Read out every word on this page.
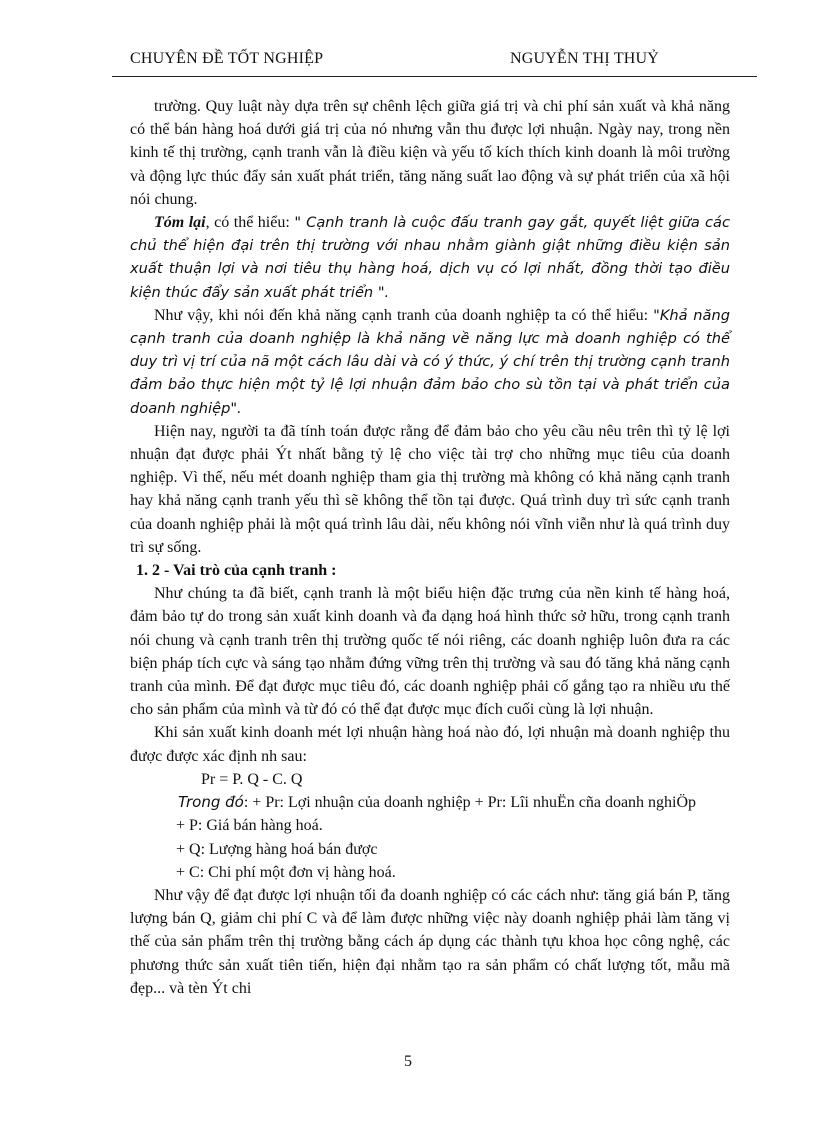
CHUYÊN ĐỀ TỐT NGHIỆP	NGUYỄN THỊ THUỶ

trường. Quy luật này dựa trên sự chênh lệch giữa giá trị và chi phí sản xuất và khả năng có thể bán hàng hoá dưới giá trị của nó nhưng vẫn thu được lợi nhuận. Ngày nay, trong nền kinh tế thị trường, cạnh tranh vẫn là điều kiện và yếu tố kích thích kinh doanh là môi trường và động lực thúc đẩy sản xuất phát triển, tăng năng suất lao động và sự phát triển của xã hội nói chung.

Tóm lại, có thể hiểu: " Cạnh tranh là cuộc đấu tranh gay gắt, quyết liệt giữa các chủ thể hiện đại trên thị trường với nhau nhằm giành giật những điều kiện sản xuất thuận lợi và nơi tiêu thụ hàng hoá, dịch vụ có lợi nhất, đồng thời tạo điều kiện thúc đẩy sản xuất phát triển ".

Như vậy, khi nói đến khả năng cạnh tranh của doanh nghiệp ta có thể hiểu: "Khả năng cạnh tranh của doanh nghiệp là khả năng về năng lực mà doanh nghiệp có thể duy trì vị trí của nã một cách lâu dài và có ý thức, ý chí trên thị trường cạnh tranh đảm bảo thực hiện một tỷ lệ lợi nhuận đảm bảo cho sù tồn tại và phát triển của doanh nghiệp".

Hiện nay, người ta đã tính toán được rằng để đảm bảo cho yêu cầu nêu trên thì tỷ lệ lợi nhuận đạt được phải Ýt nhất bằng tỷ lệ cho việc tài trợ cho những mục tiêu của doanh nghiệp. Vì thế, nếu mét doanh nghiệp tham gia thị trường mà không có khả năng cạnh tranh hay khả năng cạnh tranh yếu thì sẽ không thể tồn tại được. Quá trình duy trì sức cạnh tranh của doanh nghiệp phải là một quá trình lâu dài, nếu không nói vĩnh viễn như là quá trình duy trì sự sống.

1. 2 - Vai trò của cạnh tranh :

Như chúng ta đã biết, cạnh tranh là một biểu hiện đặc trưng của nền kinh tế hàng hoá, đảm bảo tự do trong sản xuất kinh doanh và đa dạng hoá hình thức sở hữu, trong cạnh tranh nói chung và cạnh tranh trên thị trường quốc tế nói riêng, các doanh nghiệp luôn đưa ra các biện pháp tích cực và sáng tạo nhằm đứng vững trên thị trường và sau đó tăng khả năng cạnh tranh của mình. Để đạt được mục tiêu đó, các doanh nghiệp phải cố gắng tạo ra nhiều ưu thế cho sản phẩm của mình và từ đó có thể đạt được mục đích cuối cùng là lợi nhuận.

Khi sản xuất kinh doanh mét lợi nhuận hàng hoá nào đó, lợi nhuận mà doanh nghiệp thu được được xác định nh sau:

Pr = P. Q - C. Q

Trong đó: + Pr: Lợi nhuận của doanh nghiệp + Pr: Lîi nhuËn cña doanh nghiÖp

+ P: Giá bán hàng hoá.

+ Q: Lượng hàng hoá bán được

+ C: Chi phí một đơn vị hàng hoá.

Như vậy để đạt được lợi nhuận tối đa doanh nghiệp có các cách như: tăng giá bán P, tăng lượng bán Q, giảm chi phí C và để làm được những việc này doanh nghiệp phải làm tăng vị thế của sản phẩm trên thị trường bằng cách áp dụng các thành tựu khoa học công nghệ, các phương thức sản xuất tiên tiến, hiện đại nhằm tạo ra sản phẩm có chất lượng tốt, mẫu mã đẹp... và tèn Ýt chi

5
